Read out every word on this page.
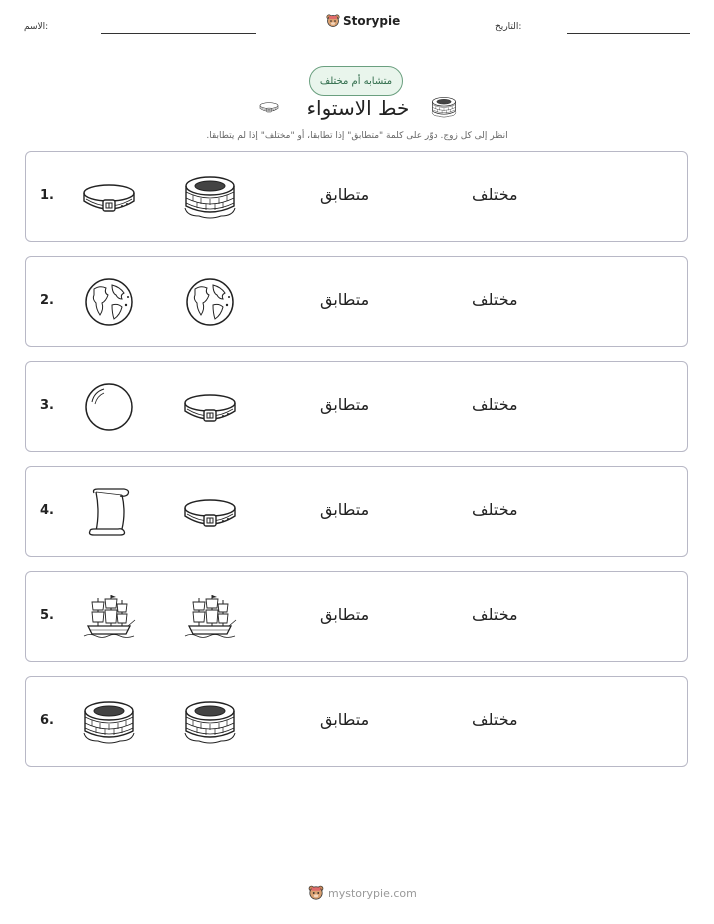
الاسم:	Storypie	التاريخ:
متشابه أم مختلف
خط الاستواء
انظر إلى كل زوج. دوّر على كلمة "متطابق" إذا تطابقا، أو "مختلف" إذا لم يتطابقا.
1.	متطابق	مختلف
2.	متطابق	مختلف
3.	متطابق	مختلف
4.	متطابق	مختلف
5.	متطابق	مختلف
6.	متطابق	مختلف
mystorypie.com
